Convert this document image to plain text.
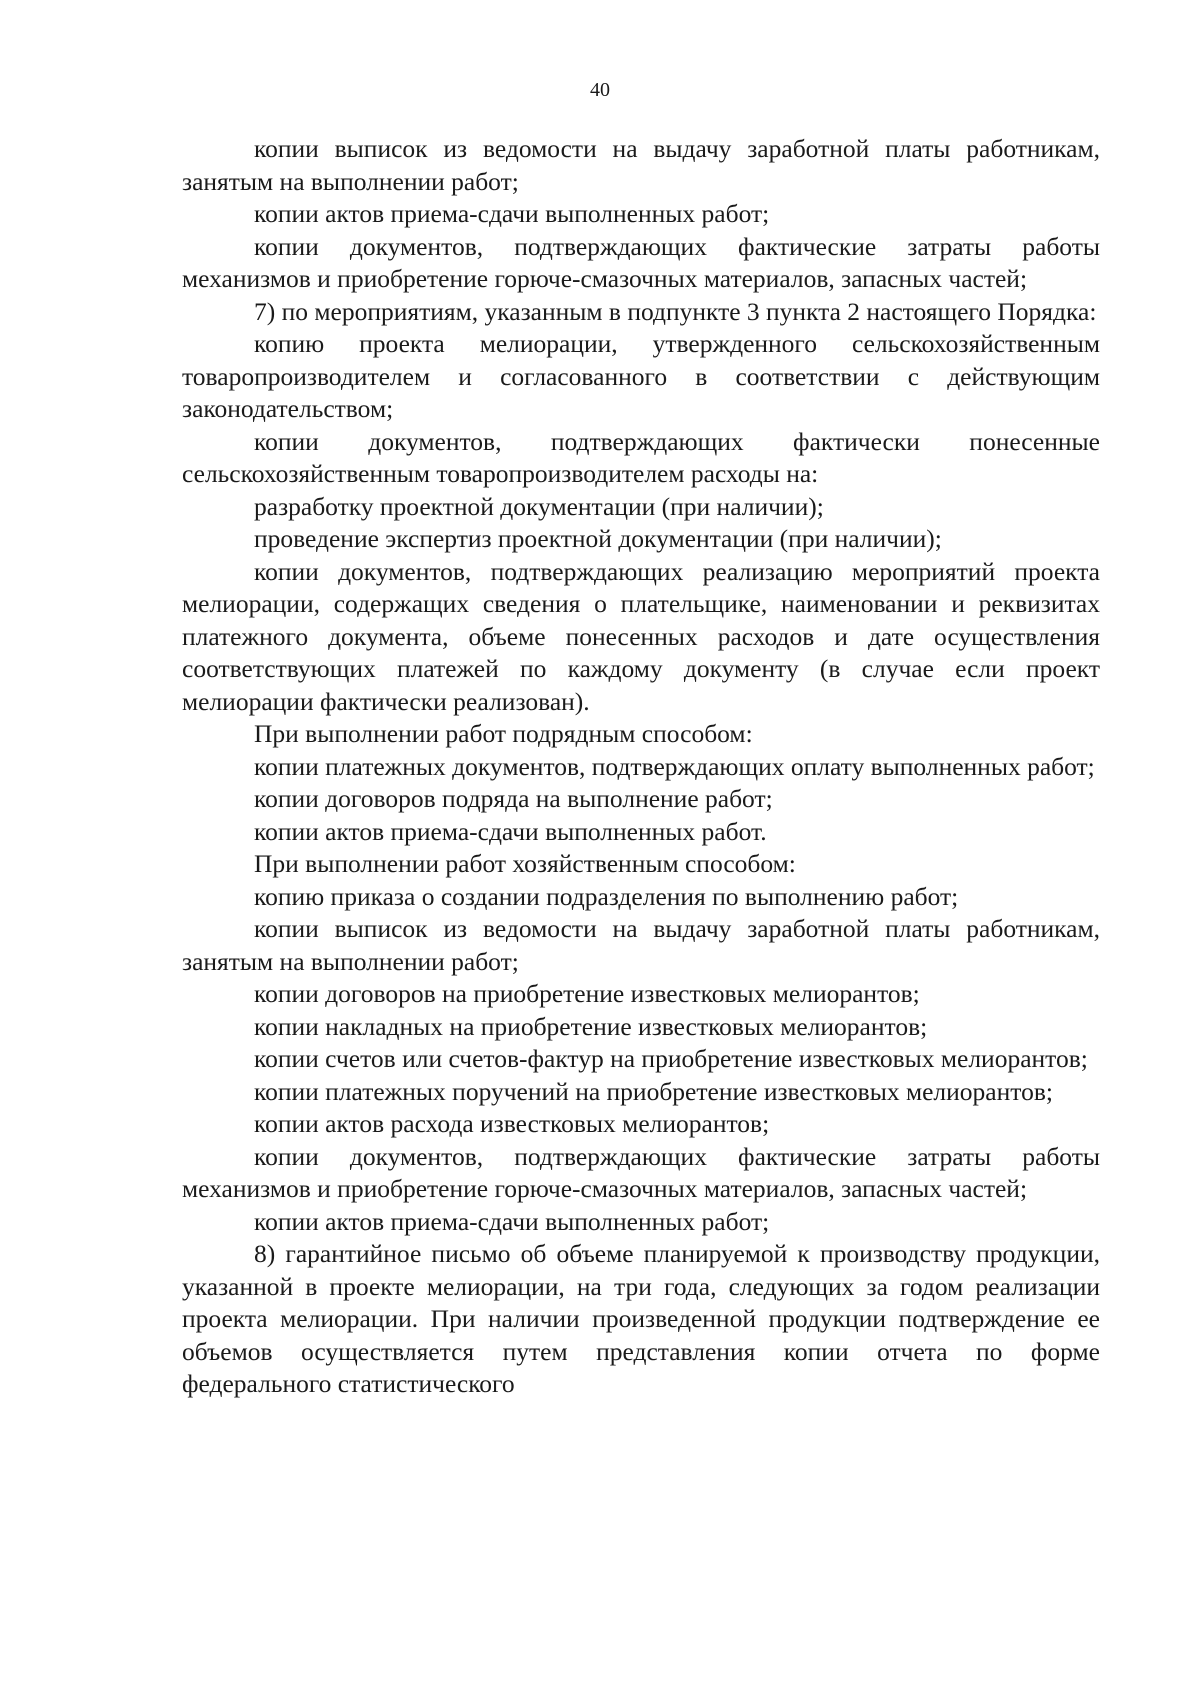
40

копии выписок из ведомости на выдачу заработной платы работникам, занятым на выполнении работ;

копии актов приема-сдачи выполненных работ;

копии документов, подтверждающих фактические затраты работы механизмов и приобретение горюче-смазочных материалов, запасных частей;

7) по мероприятиям, указанным в подпункте 3 пункта 2 настоящего Порядка:

копию проекта мелиорации, утвержденного сельскохозяйственным товаропроизводителем и согласованного в соответствии с действующим законодательством;

копии документов, подтверждающих фактически понесенные сельскохозяйственным товаропроизводителем расходы на:

разработку проектной документации (при наличии);

проведение экспертиз проектной документации (при наличии);

копии документов, подтверждающих реализацию мероприятий проекта мелиорации, содержащих сведения о плательщике, наименовании и реквизитах платежного документа, объеме понесенных расходов и дате осуществления соответствующих платежей по каждому документу (в случае если проект мелиорации фактически реализован).

При выполнении работ подрядным способом:

копии платежных документов, подтверждающих оплату выполненных работ;

копии договоров подряда на выполнение работ;

копии актов приема-сдачи выполненных работ.

При выполнении работ хозяйственным способом:

копию приказа о создании подразделения по выполнению работ;

копии выписок из ведомости на выдачу заработной платы работникам, занятым на выполнении работ;

копии договоров на приобретение известковых мелиорантов;

копии накладных на приобретение известковых мелиорантов;

копии счетов или счетов-фактур на приобретение известковых мелиорантов;

копии платежных поручений на приобретение известковых мелиорантов;

копии актов расхода известковых мелиорантов;

копии документов, подтверждающих фактические затраты работы механизмов и приобретение горюче-смазочных материалов, запасных частей;

копии актов приема-сдачи выполненных работ;

8) гарантийное письмо об объеме планируемой к производству продукции, указанной в проекте мелиорации, на три года, следующих за годом реализации проекта мелиорации. При наличии произведенной продукции подтверждение ее объемов осуществляется путем представления копии отчета по форме федерального статистического
